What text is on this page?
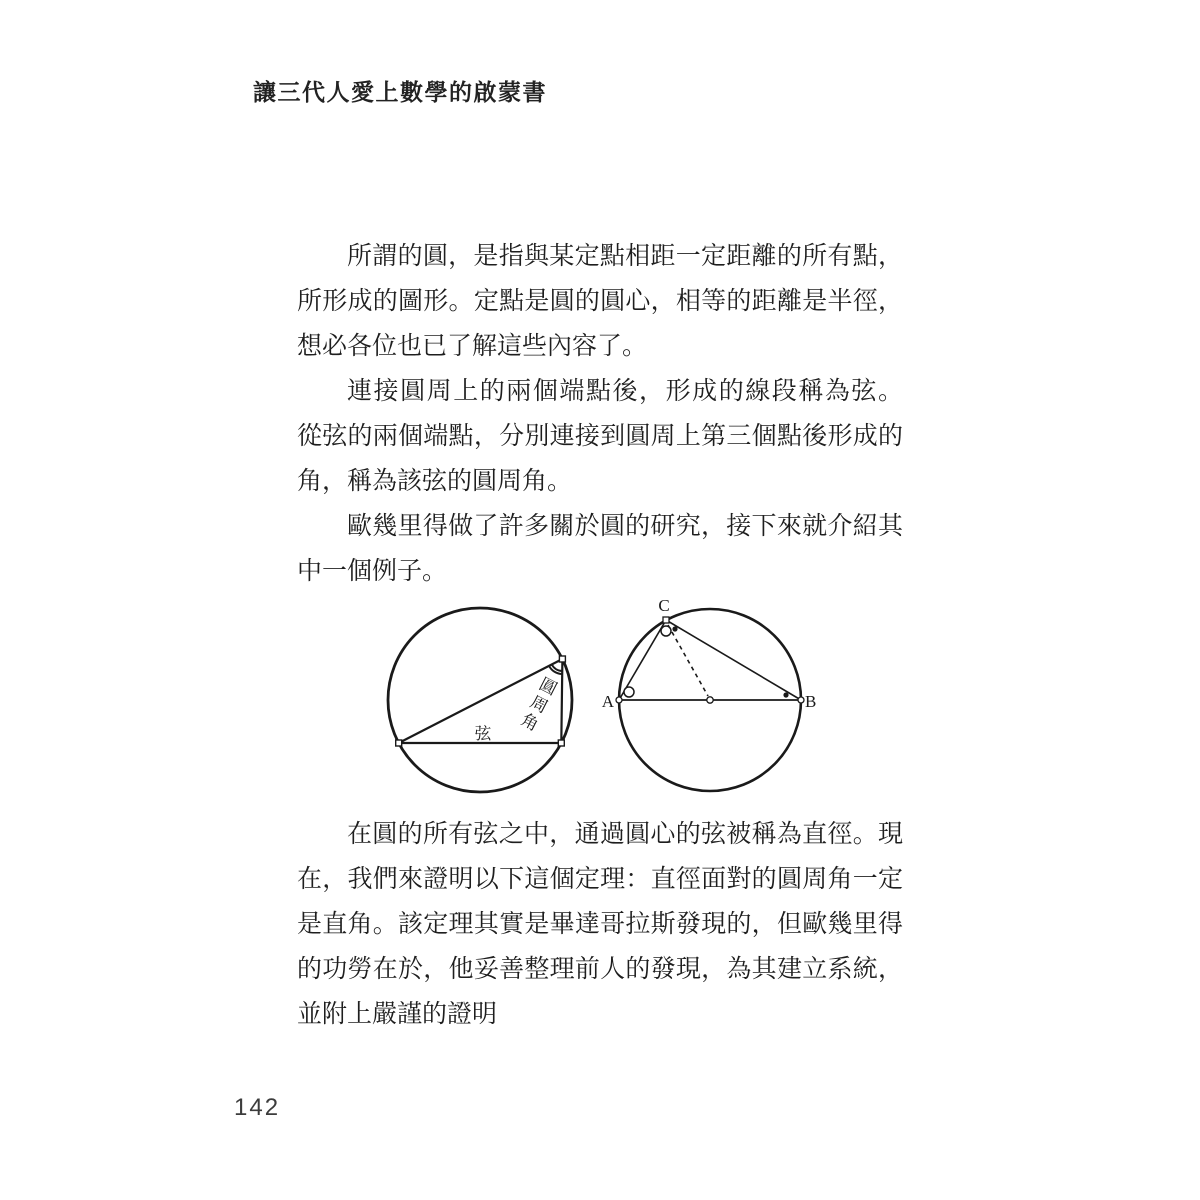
讓三代人愛上數學的啟蒙書
所謂的圓，是指與某定點相距一定距離的所有點，
所形成的圖形。定點是圓的圓心，相等的距離是半徑，
想必各位也已了解這些內容了。
連接圓周上的兩個端點後，形成的線段稱為弦。
從弦的兩個端點，分別連接到圓周上第三個點後形成的
角，稱為該弦的圓周角。
歐幾里得做了許多關於圓的研究，接下來就介紹其
中一個例子。
弦 圓周角	A	B
C
在圓的所有弦之中，通過圓心的弦被稱為直徑。現
在，我們來證明以下這個定理：直徑面對的圓周角一定
是直角。該定理其實是畢達哥拉斯發現的，但歐幾里得
的功勞在於，他妥善整理前人的發現，為其建立系統，
並附上嚴謹的證明
142
